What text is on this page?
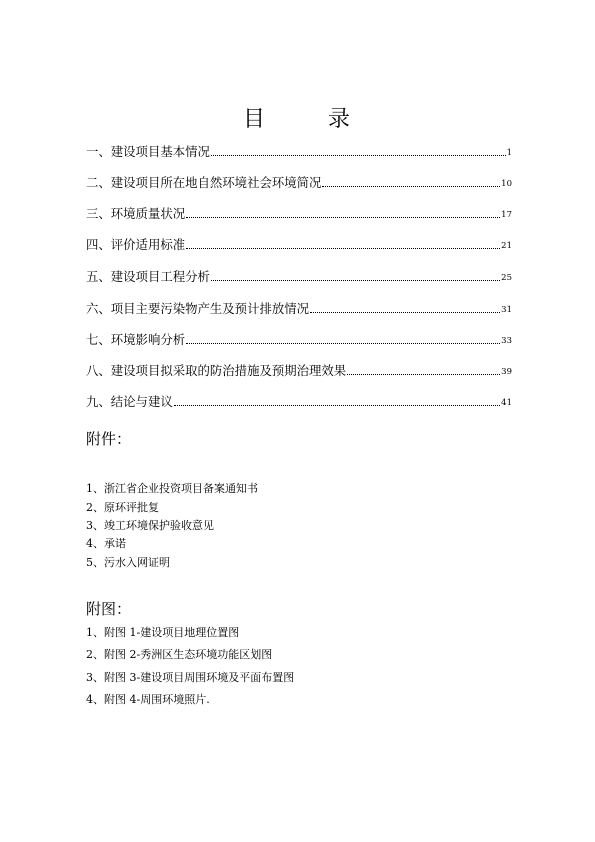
目	录
一、建设项目基本情况	1
二、建设项目所在地自然环境社会环境简况	10
三、环境质量状况	17
四、评价适用标准	21
五、建设项目工程分析	25
六、项目主要污染物产生及预计排放情况	31
七、环境影响分析	33
八、建设项目拟采取的防治措施及预期治理效果	39
九、结论与建议	41
附件：
1、浙江省企业投资项目备案通知书
2、原环评批复
3、竣工环境保护验收意见
4、承诺
5、污水入网证明
附图：
1、附图 1-建设项目地理位置图
2、附图 2-秀洲区生态环境功能区划图
3、附图 3-建设项目周围环境及平面布置图
4、附图 4-周围环境照片.
